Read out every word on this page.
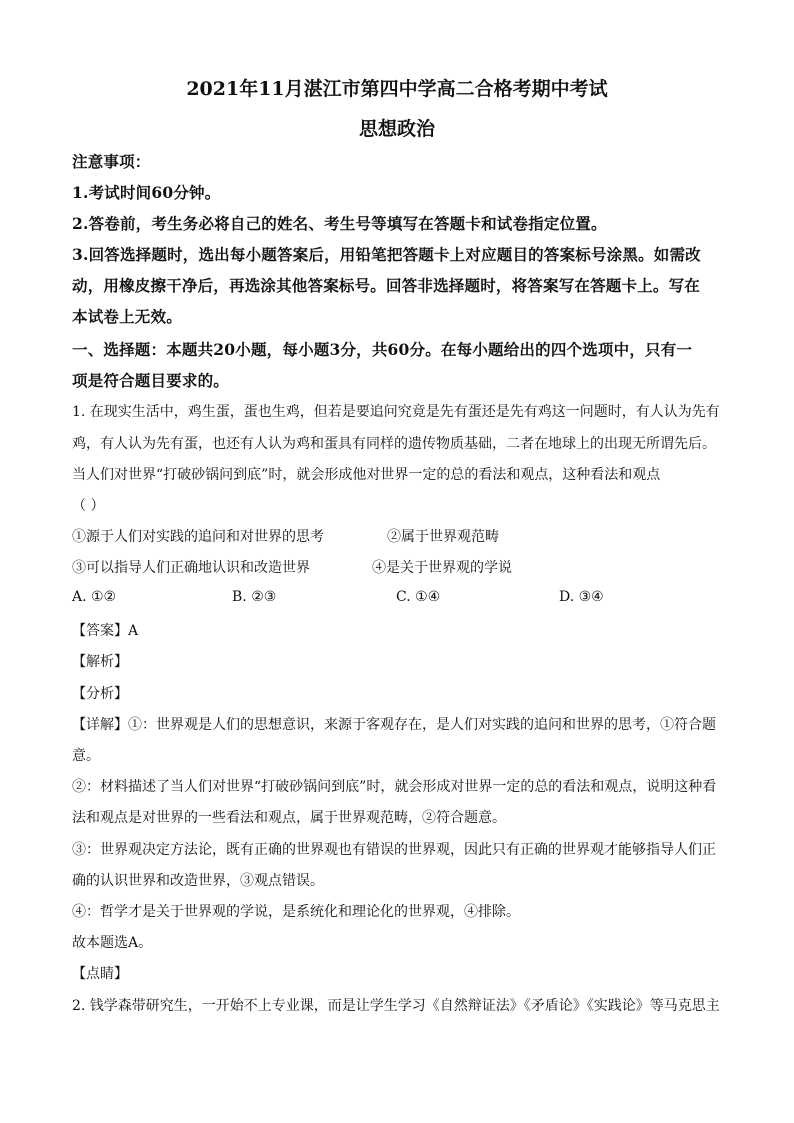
2021年11月湛江市第四中学高二合格考期中考试
思想政治
注意事项：
1.考试时间60分钟。
2.答卷前，考生务必将自己的姓名、考生号等填写在答题卡和试卷指定位置。
3.回答选择题时，选出每小题答案后，用铅笔把答题卡上对应题目的答案标号涂黑。如需改
动，用橡皮擦干净后，再选涂其他答案标号。回答非选择题时，将答案写在答题卡上。写在
本试卷上无效。
一、选择题：本题共20小题，每小题3分，共60分。在每小题给出的四个选项中，只有一
项是符合题目要求的。
1. 在现实生活中，鸡生蛋，蛋也生鸡，但若是要追问究竟是先有蛋还是先有鸡这一问题时，有人认为先有
鸡，有人认为先有蛋，也还有人认为鸡和蛋具有同样的遗传物质基础，二者在地球上的出现无所谓先后。
当人们对世界“打破砂锅问到底”时，就会形成他对世界一定的总的看法和观点，这种看法和观点
（ ）
①源于人们对实践的追问和对世界的思考	②属于世界观范畴
③可以指导人们正确地认识和改造世界	④是关于世界观的学说
A. ①②	B. ②③	C. ①④	D. ③④
【答案】A
【解析】
【分析】
【详解】①：世界观是人们的思想意识，来源于客观存在，是人们对实践的追问和世界的思考，①符合题
意。
②：材料描述了当人们对世界“打破砂锅问到底”时，就会形成对世界一定的总的看法和观点，说明这种看
法和观点是对世界的一些看法和观点，属于世界观范畴，②符合题意。
③：世界观决定方法论，既有正确的世界观也有错误的世界观，因此只有正确的世界观才能够指导人们正
确的认识世界和改造世界，③观点错误。
④：哲学才是关于世界观的学说，是系统化和理论化的世界观，④排除。
故本题选A。
【点睛】
2. 钱学森带研究生，一开始不上专业课，而是让学生学习《自然辩证法》《矛盾论》《实践论》等马克思主
